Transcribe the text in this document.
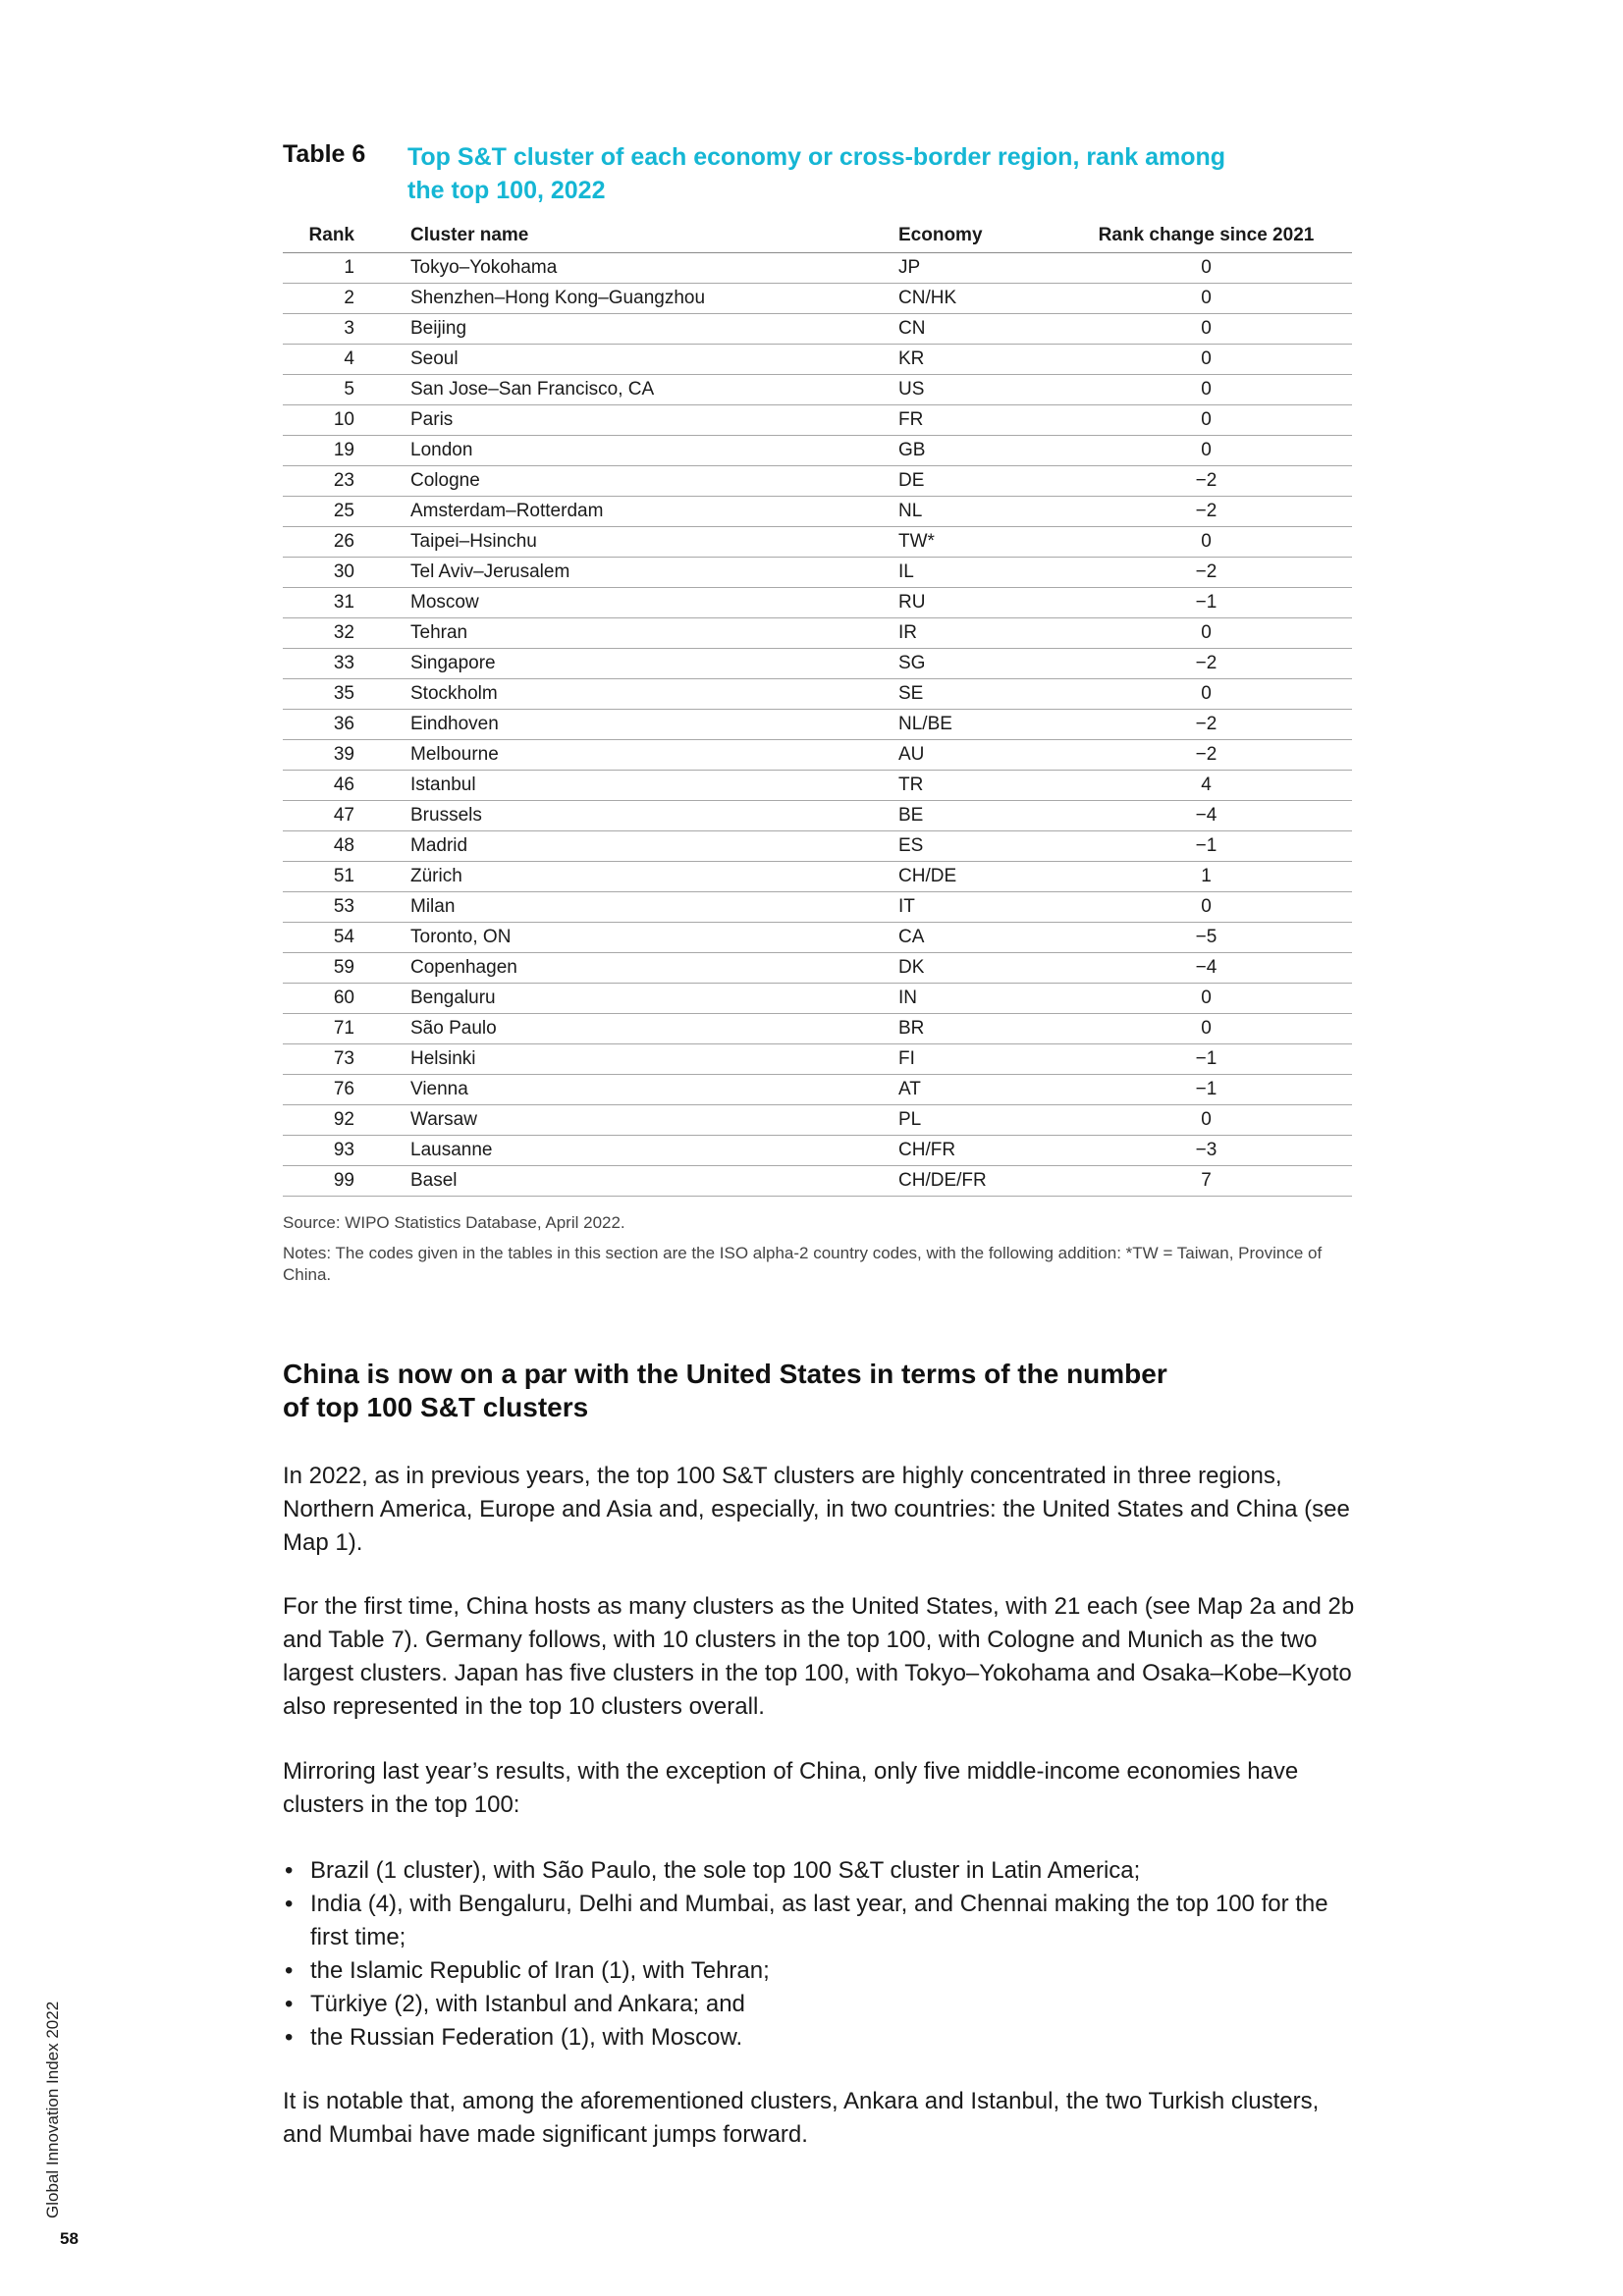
Table 6 Top S&T cluster of each economy or cross-border region, rank among the top 100, 2022
Rank	Cluster name	Economy	Rank change since 2021
1	Tokyo–Yokohama	JP	0
2	Shenzhen–Hong Kong–Guangzhou	CN/HK	0
3	Beijing	CN	0
4	Seoul	KR	0
5	San Jose–San Francisco, CA	US	0
10	Paris	FR	0
19	London	GB	0
23	Cologne	DE	−2
25	Amsterdam–Rotterdam	NL	−2
26	Taipei–Hsinchu	TW*	0
30	Tel Aviv–Jerusalem	IL	−2
31	Moscow	RU	−1
32	Tehran	IR	0
33	Singapore	SG	−2
35	Stockholm	SE	0
36	Eindhoven	NL/BE	−2
39	Melbourne	AU	−2
46	Istanbul	TR	4
47	Brussels	BE	−4
48	Madrid	ES	−1
51	Zürich	CH/DE	1
53	Milan	IT	0
54	Toronto, ON	CA	−5
59	Copenhagen	DK	−4
60	Bengaluru	IN	0
71	São Paulo	BR	0
73	Helsinki	FI	−1
76	Vienna	AT	−1
92	Warsaw	PL	0
93	Lausanne	CH/FR	−3
99	Basel	CH/DE/FR	7
Source: WIPO Statistics Database, April 2022.
Notes: The codes given in the tables in this section are the ISO alpha-2 country codes, with the following addition: *TW = Taiwan, Province of China.
China is now on a par with the United States in terms of the number
of top 100 S&T clusters
In 2022, as in previous years, the top 100 S&T clusters are highly concentrated in three regions, Northern America, Europe and Asia and, especially, in two countries: the United States and China (see Map 1).
For the first time, China hosts as many clusters as the United States, with 21 each (see Map 2a and 2b and Table 7). Germany follows, with 10 clusters in the top 100, with Cologne and Munich as the two largest clusters. Japan has five clusters in the top 100, with Tokyo–Yokohama and Osaka–Kobe–Kyoto also represented in the top 10 clusters overall.
Mirroring last year’s results, with the exception of China, only five middle-income economies have clusters in the top 100:
• Brazil (1 cluster), with São Paulo, the sole top 100 S&T cluster in Latin America;
• India (4), with Bengaluru, Delhi and Mumbai, as last year, and Chennai making the top 100 for the first time;
• the Islamic Republic of Iran (1), with Tehran;
• Türkiye (2), with Istanbul and Ankara; and
• the Russian Federation (1), with Moscow.
It is notable that, among the aforementioned clusters, Ankara and Istanbul, the two Turkish clusters, and Mumbai have made significant jumps forward.
Global Innovation Index 2022
58
